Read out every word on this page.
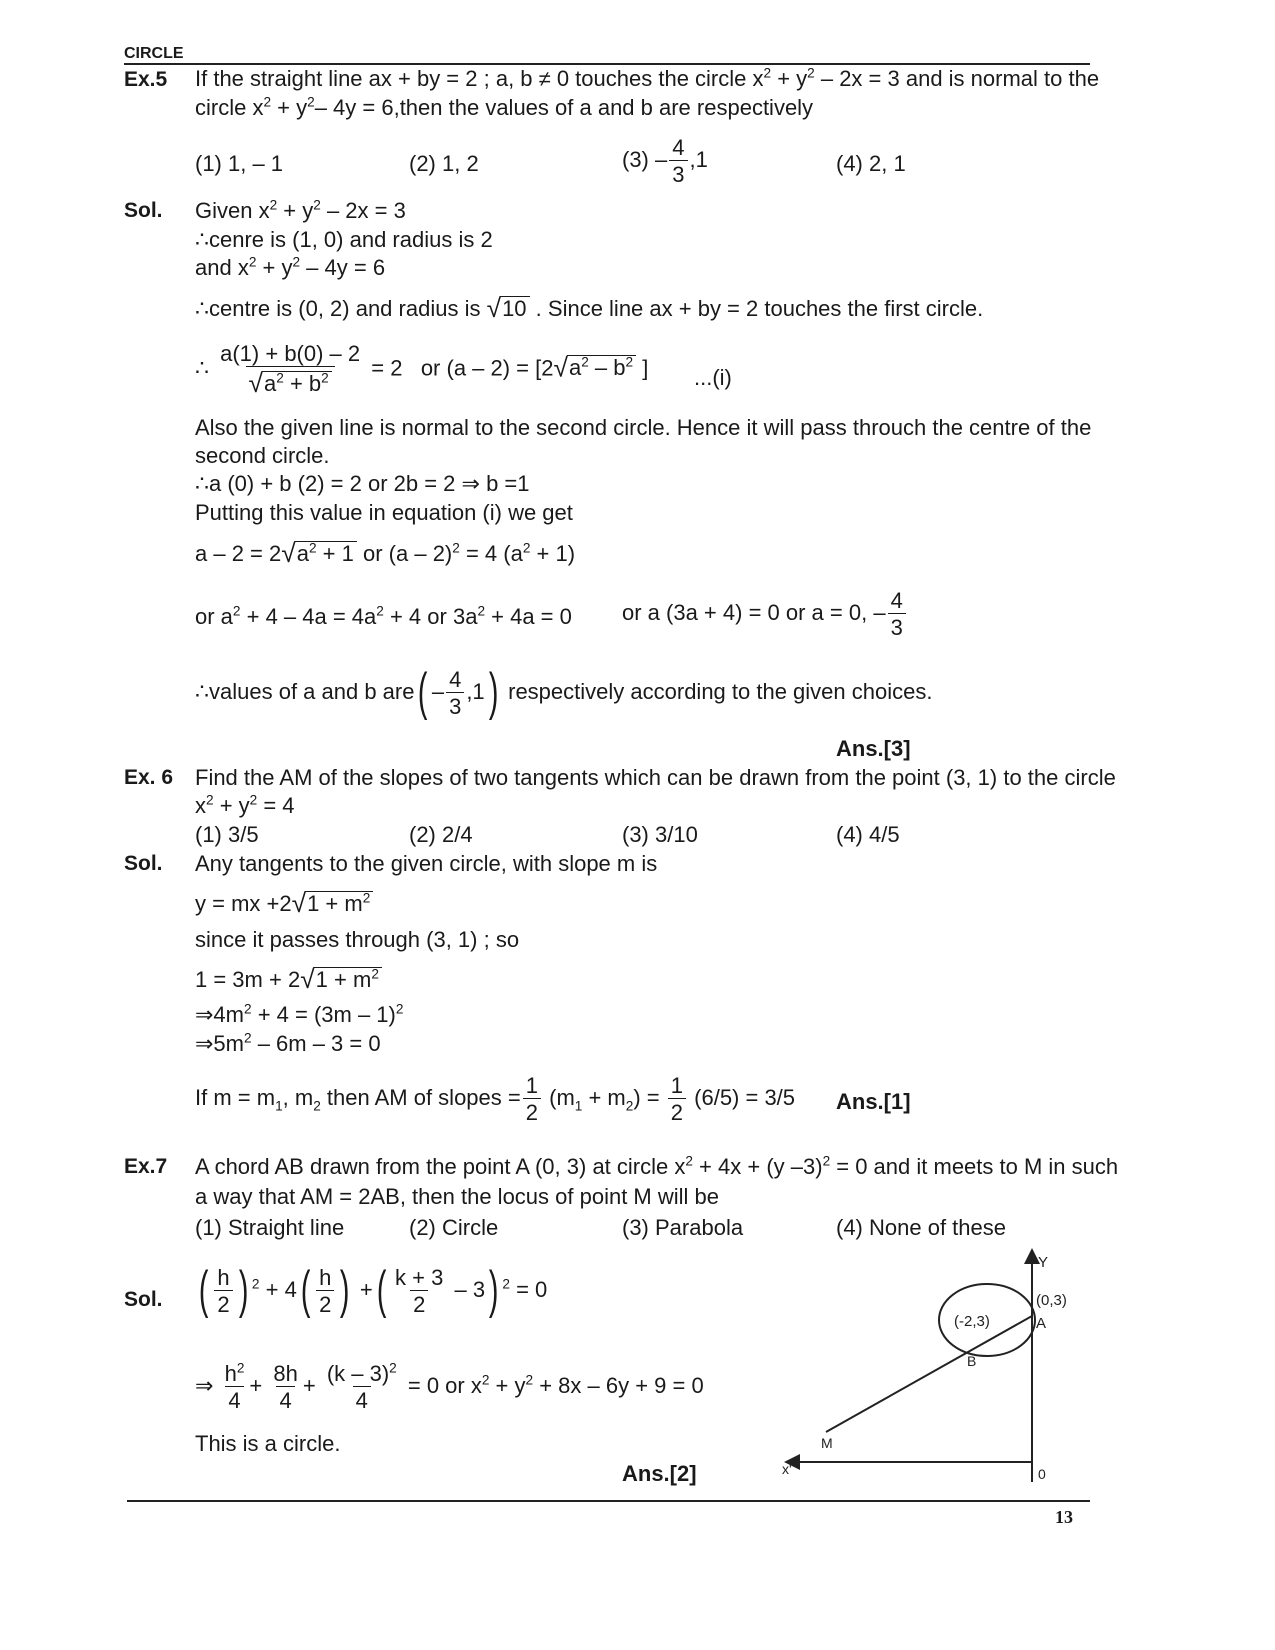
CIRCLE
Ex.5 If the straight line ax + by = 2 ; a, b ≠ 0 touches the circle $x^2 + y^2 - 2x = 3$ and is normal to the
circle $x^2 + y^2-$ 4y = 6,then the values of a and b are respectively
(1) 1, – 1	(2) 1, 2	$(3) - \frac{4}{3} ,1$	(4) 2, 1
Sol. Given $x^2 + y^2 - 2x = 3$
∴cenre is (1, 0) and radius is 2
and $x^2 + y^2 - 4y = 6$
∴centre is (0, 2) and radius is √10 . Since line ax + by = 2 touches the first circle.
∴ $\frac{a(1) + b(0) - 2}{√a^2 + b^2} = 2$ or $(a - 2) = [2√a^2 - b^2$ ] ...(i)
Also the given line is normal to the second circle. Hence it will pass throuch the centre of the
second circle.
∴a (0) + b (2) = 2 or 2b = 2 ⇒ b =1
Putting this value in equation (i) we get
$a - 2 = 2√a^2 + 1$ or (a – 2)$^2$ = 4 $(a^2 + 1)$
or $a^2 + 4 - 4a = 4a^2 + 4$ or $3a^2 + 4a = 0$ or a (3a + 4) = 0 or a = 0, – $\frac{4}{3}$
∴values of a and b $are( - \frac{4}{3} ,1)$ respectively according to the given choices.
Ans.[3]
Ex. 6 Find the AM of the slopes of two tangents which can be drawn from the point (3, 1) to the circle
$x^2 + y^2 = 4$
(1) 3/5	(2) 2/4	(3) 3/10	(4) 4/5
Sol. Any tangents to the given circle, with slope m is
y = mx $+2√1 + m^2$
since it passes through (3, 1) ; so
$1 = 3m + 2√1 + m^2$
$\Rightarrow 4m^2 + 4 = (3m - 1)^2$
$\Rightarrow 5m^2 - 6m - 3 = 0$
If $m = m_1$, $m_2$ then AM of slopes = $\frac{1}{2} (m_1 + m_2) = \frac{1}{2} (6/5) = 3/5$ Ans.[1]
Ex.7 A chord AB drawn from the point A (0, 3) at circle $x^2 + 4x + (y$ –3)$^2$ = 0 and it meets to M in such
a way that AM = 2AB, then the locus of point M will be
(1) Straight line	(2) Circle	(3) Parabola	(4) None of these
Sol. ( $\frac{h}{2}$ ) $^2 + 4( \frac{h}{2}$ ) +( $\frac{k + 3}{2} - 3$) $^2$ = 0
⇒ $\frac{h^2}{4} + \frac{8h}{4} + \frac{(k - 3)^2}{4} = 0$ or $x^2 + y^2 + 8x - 6y + 9 = 0$
This is a circle.
Ans.[2]
Y
x'
(0,3)
A
(-2,3)
B
M
0
13
